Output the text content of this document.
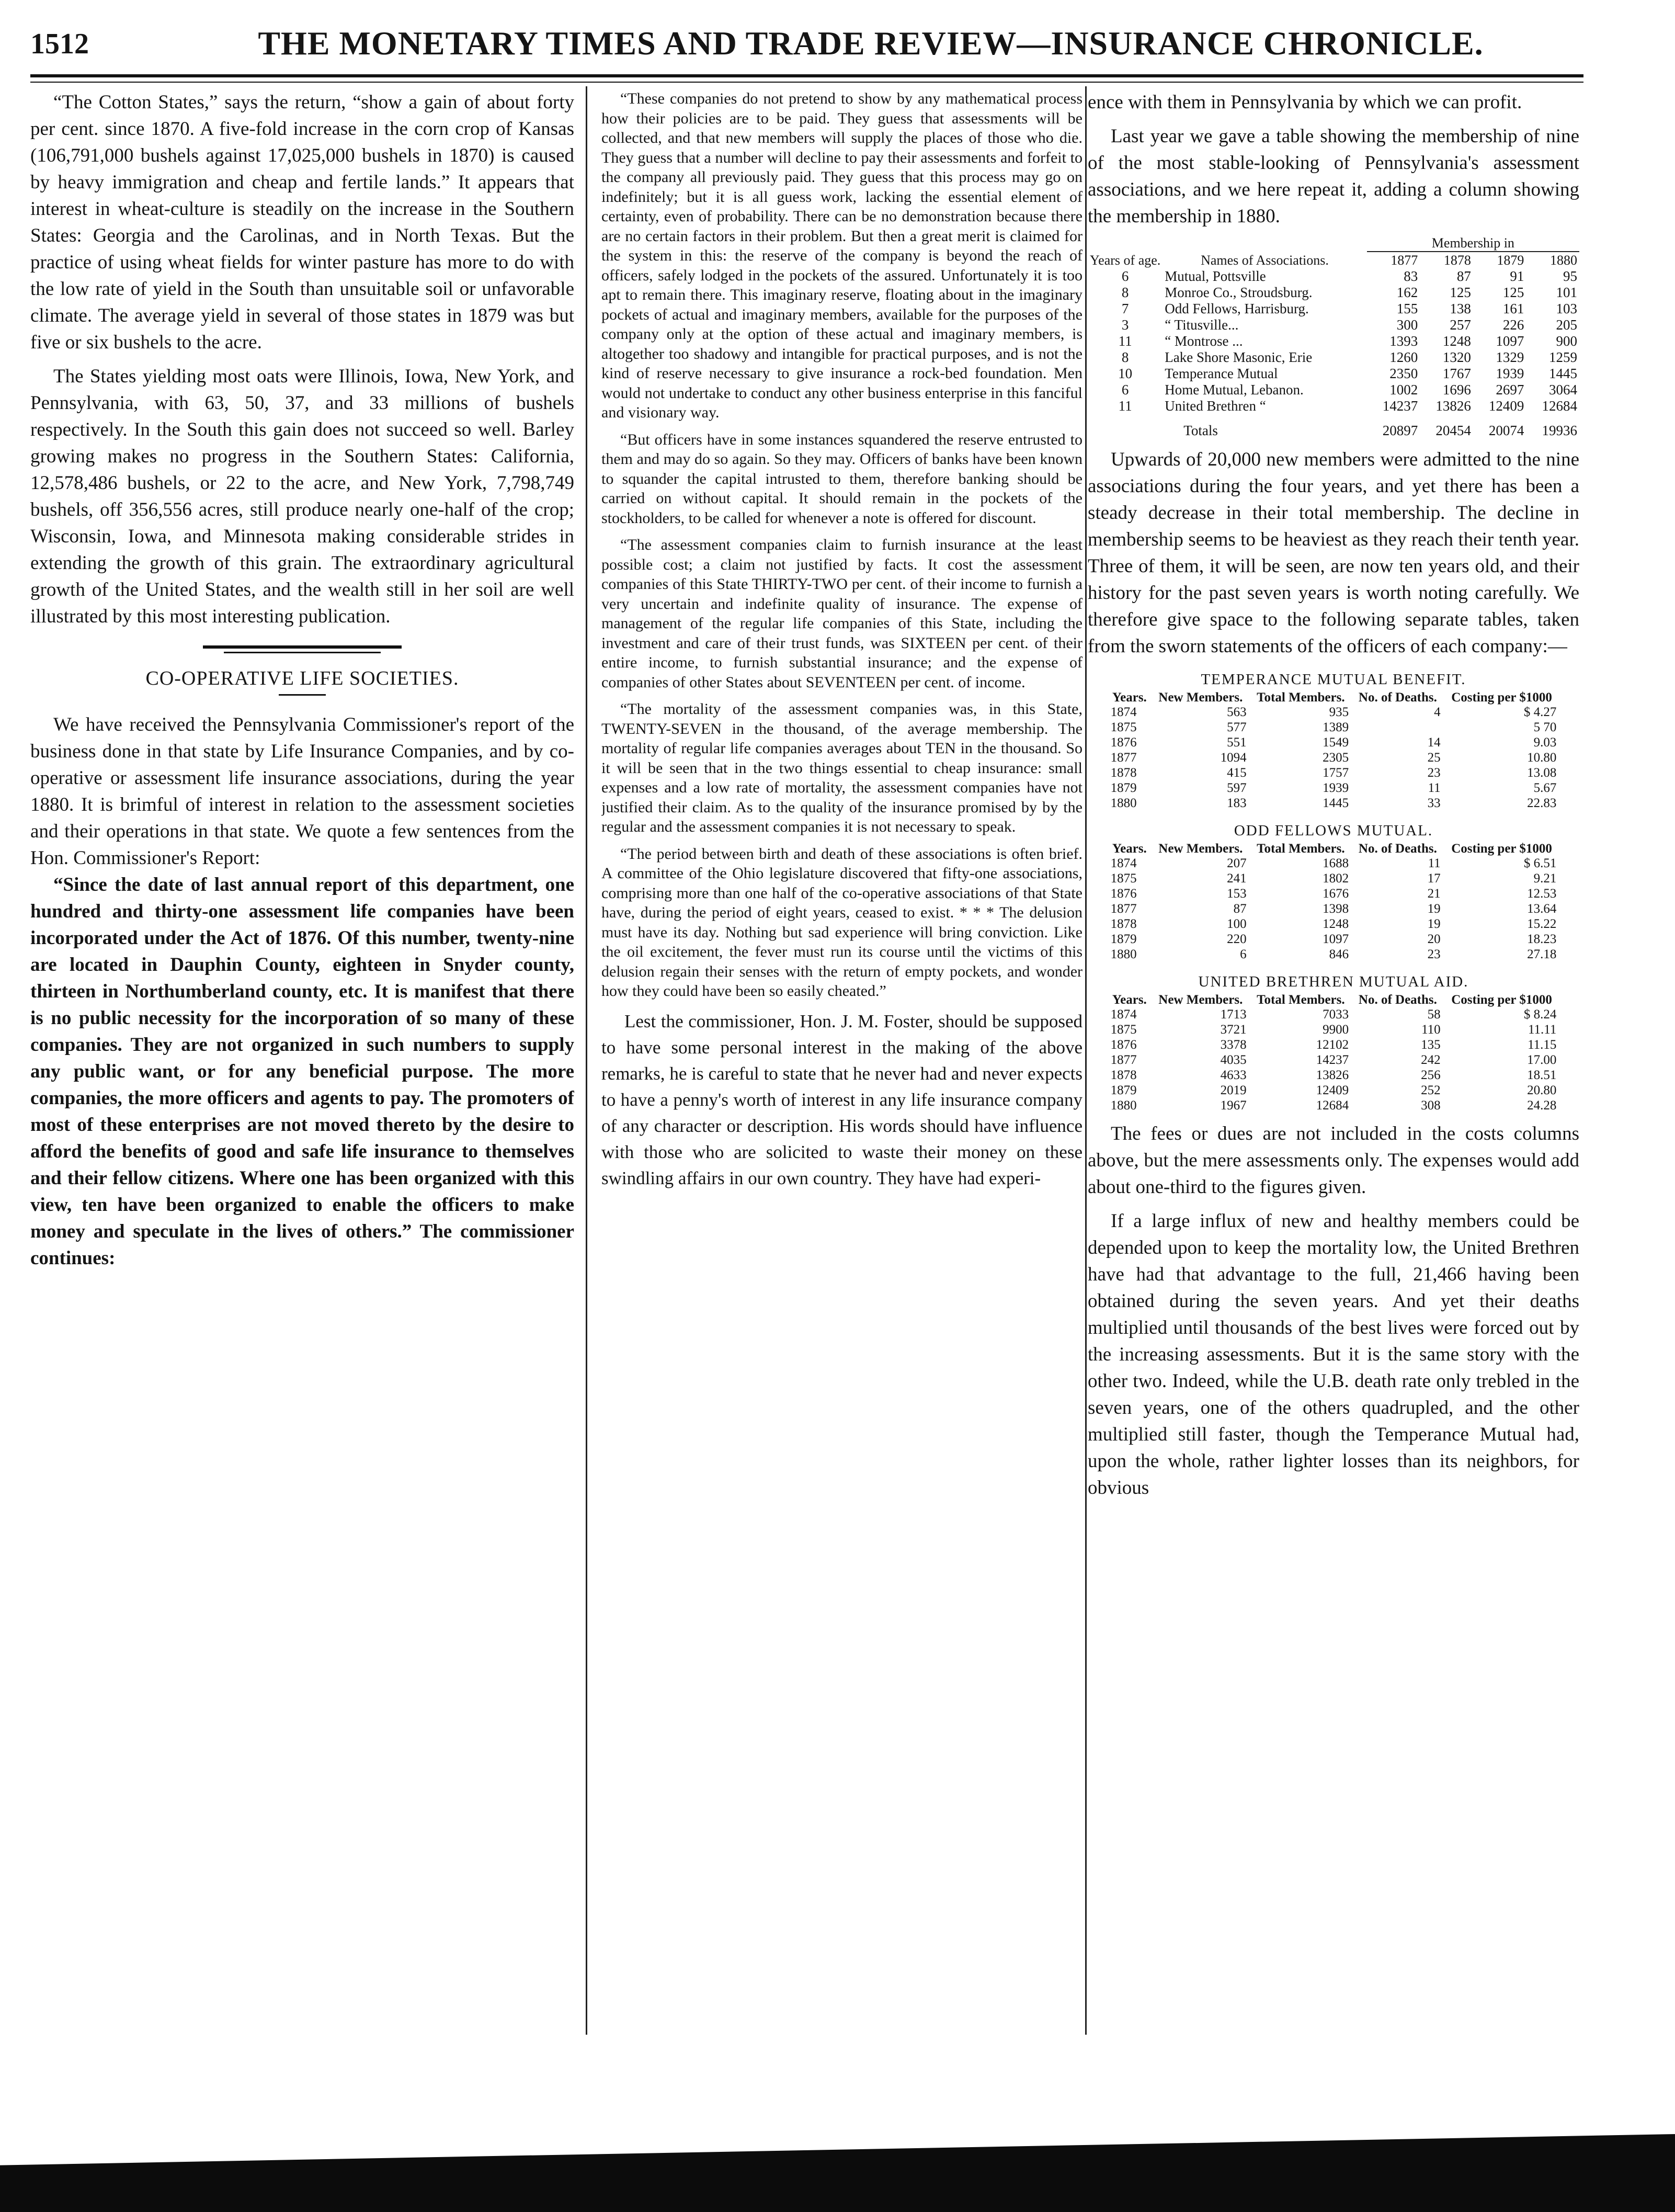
1512	THE MONETARY TIMES AND TRADE REVIEW—INSURANCE CHRONICLE.

“The Cotton States,” says the return, “show a gain of about forty per cent. since 1870. A five-fold increase in the corn crop of Kansas (106,791,000 bushels against 17,025,000 bushels in 1870) is caused by heavy immigration and cheap and fertile lands.” It appears that interest in wheat-culture is steadily on the increase in the Southern States: Georgia and the Carolinas, and in North Texas. But the practice of using wheat fields for winter pasture has more to do with the low rate of yield in the South than unsuitable soil or unfavorable climate. The average yield in several of those states in 1879 was but five or six bushels to the acre.

The States yielding most oats were Illinois, Iowa, New York, and Pennsylvania, with 63, 50, 37, and 33 millions of bushels respectively. In the South this gain does not succeed so well. Barley growing makes no progress in the Southern States: California, 12,578,486 bushels, or 22 to the acre, and New York, 7,798,749 bushels, off 356,556 acres, still produce nearly one-half of the crop; Wisconsin, Iowa, and Minnesota making considerable strides in extending the growth of this grain. The extraordinary agricultural growth of the United States, and the wealth still in her soil are well illustrated by this most interesting publication.

CO-OPERATIVE LIFE SOCIETIES.

We have received the Pennsylvania Commissioner's report of the business done in that state by Life Insurance Companies, and by co-operative or assessment life insurance associations, during the year 1880. It is brimful of interest in relation to the assessment societies and their operations in that state. We quote a few sentences from the Hon. Commissioner's Report:

“Since the date of last annual report of this department, one hundred and thirty-one assessment life companies have been incorporated under the Act of 1876. Of this number, twenty-nine are located in Dauphin County, eighteen in Snyder county, thirteen in Northumberland county, etc. It is manifest that there is no public necessity for the incorporation of so many of these companies. They are not organized in such numbers to supply any public want, or for any beneficial purpose. The more companies, the more officers and agents to pay. The promoters of most of these enterprises are not moved thereto by the desire to afford the benefits of good and safe life insurance to themselves and their fellow citizens. Where one has been organized with this view, ten have been organized to enable the officers to make money and speculate in the lives of others.” The commissioner continues:

“These companies do not pretend to show by any mathematical process how their policies are to be paid. They guess that assessments will be collected, and that new members will supply the places of those who die. They guess that a number will decline to pay their assessments and forfeit to the company all previously paid. They guess that this process may go on indefinitely; but it is all guess work, lacking the essential element of certainty, even of probability. There can be no demonstration because there are no certain factors in their problem. But then a great merit is claimed for the system in this: the reserve of the company is beyond the reach of officers, safely lodged in the pockets of the assured. Unfortunately it is too apt to remain there. This imaginary reserve, floating about in the imaginary pockets of actual and imaginary members, available for the purposes of the company only at the option of these actual and imaginary members, is altogether too shadowy and intangible for practical purposes, and is not the kind of reserve necessary to give insurance a rock-bed foundation. Men would not undertake to conduct any other business enterprise in this fanciful and visionary way.

“But officers have in some instances squandered the reserve entrusted to them and may do so again. So they may. Officers of banks have been known to squander the capital intrusted to them, therefore banking should be carried on without capital. It should remain in the pockets of the stockholders, to be called for whenever a note is offered for discount.

“The assessment companies claim to furnish insurance at the least possible cost; a claim not justified by facts. It cost the assessment companies of this State THIRTY-TWO per cent. of their income to furnish a very uncertain and indefinite quality of insurance. The expense of management of the regular life companies of this State, including the investment and care of their trust funds, was SIXTEEN per cent. of their entire income, to furnish substantial insurance; and the expense of companies of other States about SEVENTEEN per cent. of income.

“The mortality of the assessment companies was, in this State, TWENTY-SEVEN in the thousand, of the average membership. The mortality of regular life companies averages about TEN in the thousand. So it will be seen that in the two things essential to cheap insurance: small expenses and a low rate of mortality, the assessment companies have not justified their claim. As to the quality of the insurance promised by by the regular and the assessment companies it is not necessary to speak.

“The period between birth and death of these associations is often brief. A committee of the Ohio legislature discovered that fifty-one associations, comprising more than one half of the co-operative associations of that State have, during the period of eight years, ceased to exist. * * * The delusion must have its day. Nothing but sad experience will bring conviction. Like the oil excitement, the fever must run its course until the victims of this delusion regain their senses with the return of empty pockets, and wonder how they could have been so easily cheated.”

Lest the commissioner, Hon. J. M. Foster, should be supposed to have some personal interest in the making of the above remarks, he is careful to state that he never had and never expects to have a penny's worth of interest in any life insurance company of any character or description. His words should have influence with those who are solicited to waste their money on these swindling affairs in our own country. They have had experi-

ence with them in Pennsylvania by which we can profit.

Last year we gave a table showing the membership of nine of the most stable-looking of Pennsylvania's assessment associations, and we here repeat it, adding a column showing the membership in 1880.

		Membership in			
Years of age.	Names of Associations.	1877	1878	1879	1880
6	Mutual, Pottsville	83	87	91	95
8	Monroe Co., Stroudsburg.	162	125	125	101
7	Odd Fellows, Harrisburg.	155	138	161	103
3	“ Titusville...	300	257	226	205
11	“ Montrose ...	1393	1248	1097	900
8	Lake Shore Masonic, Erie	1260	1320	1329	1259
10	Temperance Mutual	2350	1767	1939	1445
6	Home Mutual, Lebanon.	1002	1696	2697	3064
11	United Brethren “	14237	13826	12409	12684
	Totals	20897	20454	20074	19936

Upwards of 20,000 new members were admitted to the nine associations during the four years, and yet there has been a steady decrease in their total membership. The decline in membership seems to be heaviest as they reach their tenth year. Three of them, it will be seen, are now ten years old, and their history for the past seven years is worth noting carefully. We therefore give space to the following separate tables, taken from the sworn statements of the officers of each company:—

TEMPERANCE MUTUAL BENEFIT.
Years.	New Members.	Total Members.	No. of Deaths.	Costing per $1000
1874	563	935	4	$ 4.27
1875	577	1389		5 70
1876	551	1549	14	9.03
1877	1094	2305	25	10.80
1878	415	1757	23	13.08
1879	597	1939	11	5.67
1880	183	1445	33	22.83
ODD FELLOWS MUTUAL.
Years.	New Members.	Total Members.	No. of Deaths.	Costing per $1000
1874	207	1688	11	$ 6.51
1875	241	1802	17	9.21
1876	153	1676	21	12.53
1877	87	1398	19	13.64
1878	100	1248	19	15.22
1879	220	1097	20	18.23
1880	6	846	23	27.18
UNITED BRETHREN MUTUAL AID.
Years.	New Members.	Total Members.	No. of Deaths.	Costing per $1000
1874	1713	7033	58	$ 8.24
1875	3721	9900	110	11.11
1876	3378	12102	135	11.15
1877	4035	14237	242	17.00
1878	4633	13826	256	18.51
1879	2019	12409	252	20.80
1880	1967	12684	308	24.28

The fees or dues are not included in the costs columns above, but the mere assessments only. The expenses would add about one-third to the figures given.

If a large influx of new and healthy members could be depended upon to keep the mortality low, the United Brethren have had that advantage to the full, 21,466 having been obtained during the seven years. And yet their deaths multiplied until thousands of the best lives were forced out by the increasing assessments. But it is the same story with the other two. Indeed, while the U.B. death rate only trebled in the seven years, one of the others quadrupled, and the other multiplied still faster, though the Temperance Mutual had, upon the whole, rather lighter losses than its neighbors, for obvious
